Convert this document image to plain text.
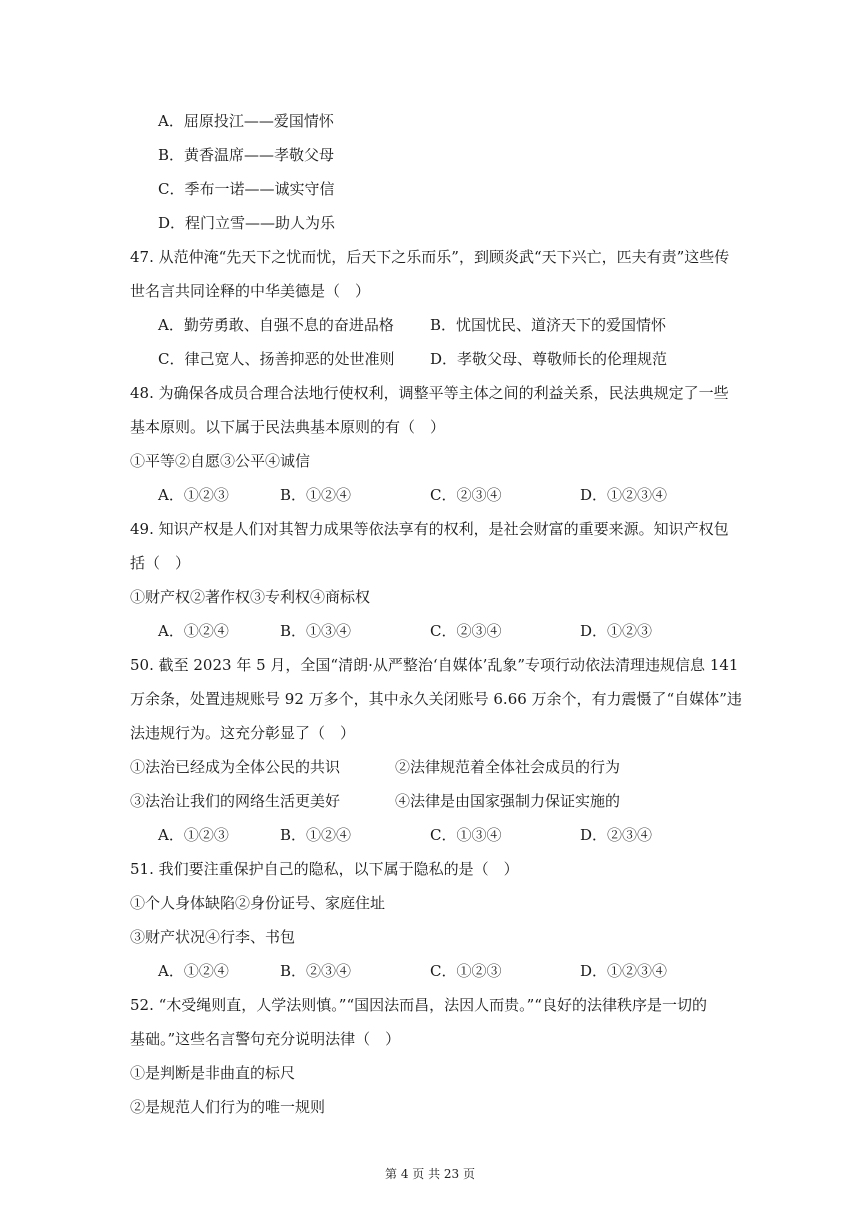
A．屈原投江——爱国情怀
B．黄香温席——孝敬父母
C．季布一诺——诚实守信
D．程门立雪——助人为乐
47. 从范仲淹“先天下之忧而忧，后天下之乐而乐”，到顾炎武“天下兴亡，匹夫有责”这些传
世名言共同诠释的中华美德是（　）
A．勤劳勇敢、自强不息的奋进品格 B．忧国忧民、道济天下的爱国情怀
C．律己宽人、扬善抑恶的处世准则 D．孝敬父母、尊敬师长的伦理规范
48. 为确保各成员合理合法地行使权利，调整平等主体之间的利益关系，民法典规定了一些
基本原则。以下属于民法典基本原则的有（　）
①平等②自愿③公平④诚信
A．①②③	B．①②④	C．②③④	D．①②③④
49. 知识产权是人们对其智力成果等依法享有的权利，是社会财富的重要来源。知识产权包
括（　）
①财产权②著作权③专利权④商标权
A．①②④	B．①③④	C．②③④	D．①②③
50. 截至 2023 年 5 月，全国“清朗·从严整治‘自媒体’乱象”专项行动依法清理违规信息 141
万余条，处置违规账号 92 万多个，其中永久关闭账号 6.66 万余个，有力震慑了“自媒体”违
法违规行为。这充分彰显了（　）
①法治已经成为全体公民的共识	②法律规范着全体社会成员的行为
③法治让我们的网络生活更美好	④法律是由国家强制力保证实施的
A．①②③	B．①②④	C．①③④	D．②③④
51. 我们要注重保护自己的隐私，以下属于隐私的是（　）
①个人身体缺陷②身份证号、家庭住址
③财产状况④行李、书包
A．①②④	B．②③④	C．①②③	D．①②③④
52. “木受绳则直，人学法则慎。”“国因法而昌，法因人而贵。”“良好的法律秩序是一切的
基础。”这些名言警句充分说明法律（　）
①是判断是非曲直的标尺
②是规范人们行为的唯一规则
第 4 页 共 23 页
